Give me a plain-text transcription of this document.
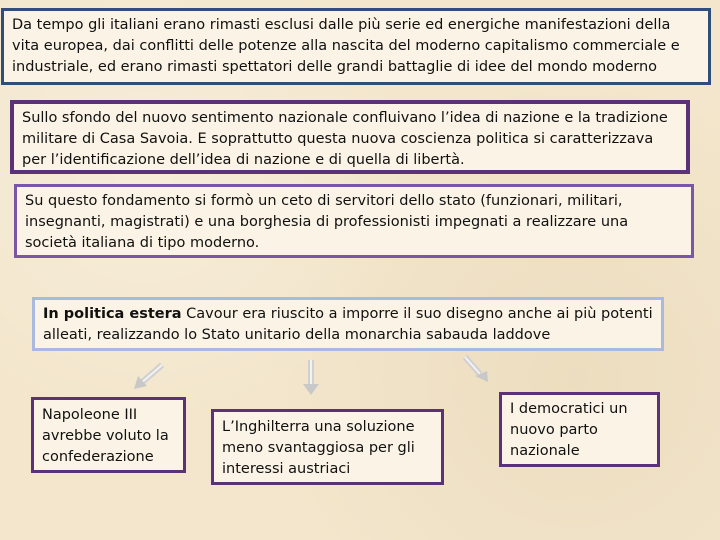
Da tempo gli italiani erano rimasti esclusi dalle più serie ed energiche manifestazioni della vita europea, dai conflitti delle potenze alla nascita del moderno capitalismo commerciale e industriale, ed erano rimasti spettatori delle grandi battaglie di idee del mondo moderno
Sullo sfondo del nuovo sentimento nazionale confluivano l’idea di nazione e la tradizione militare di Casa Savoia. E soprattutto questa nuova coscienza politica si caratterizzava per l’identificazione dell’idea di nazione e di quella di libertà.
Su questo fondamento si formò un ceto di servitori dello stato (funzionari, militari, insegnanti, magistrati) e una borghesia di professionisti impegnati a realizzare una società italiana di tipo moderno.
In politica estera Cavour era riuscito a imporre il suo disegno anche ai più potenti alleati, realizzando lo Stato unitario della monarchia sabauda laddove
Napoleone III avrebbe voluto la confederazione
L’Inghilterra una soluzione meno svantaggiosa per gli interessi austriaci
I democratici un nuovo parto nazionale
